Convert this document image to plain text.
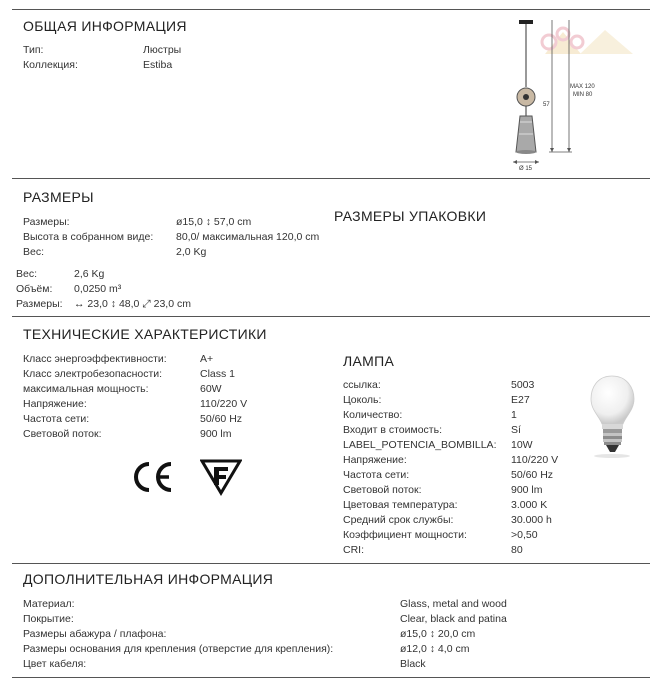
ОБЩАЯ ИНФОРМАЦИЯ
Тип:	Люстры
Коллекция:	Estiba
MAX 120
MIN 80
57
Ø 15
РАЗМЕРЫ
Размеры:	ø15,0 ↕ 57,0 cm
Высота в собранном виде: 80,0/ максимальная 120,0 cm
Вес:	2,0 Kg
РАЗМЕРЫ УПАКОВКИ
Вес:	2,6 Kg
Объём: 0,0250 m³
Размеры: ↔ 23,0 ↕ 48,0 ⤢ 23,0 cm
ТЕХНИЧЕСКИЕ ХАРАКТЕРИСТИКИ
Класс энергоэффективности:	A+
Класс электробезопасности:	Class 1
максимальная мощность:	60W
Напряжение:	110/220 V
Частота сети:	50/60 Hz
Световой поток:	900 lm
ЛАМПА
ссылка:	5003
Цоколь:	E27
Количество:	1
Входит в стоимость:	Sí
LABEL_POTENCIA_BOMBILLA: 10W
Напряжение:	110/220 V
Частота сети:	50/60 Hz
Световой поток:	900 lm
Цветовая температура:	3.000 K
Средний срок службы:	30.000 h
Коэффициент мощности:	>0,50
CRI:	80
ДОПОЛНИТЕЛЬНАЯ ИНФОРМАЦИЯ
Материал:	Glass, metal and wood
Покрытие:	Clear, black and patina
Размеры абажура / плафона:	ø15,0 ↕ 20,0 cm
Размеры основания для крепления (отверстие для крепления):	ø12,0 ↕ 4,0 cm
Цвет кабеля:	Black
